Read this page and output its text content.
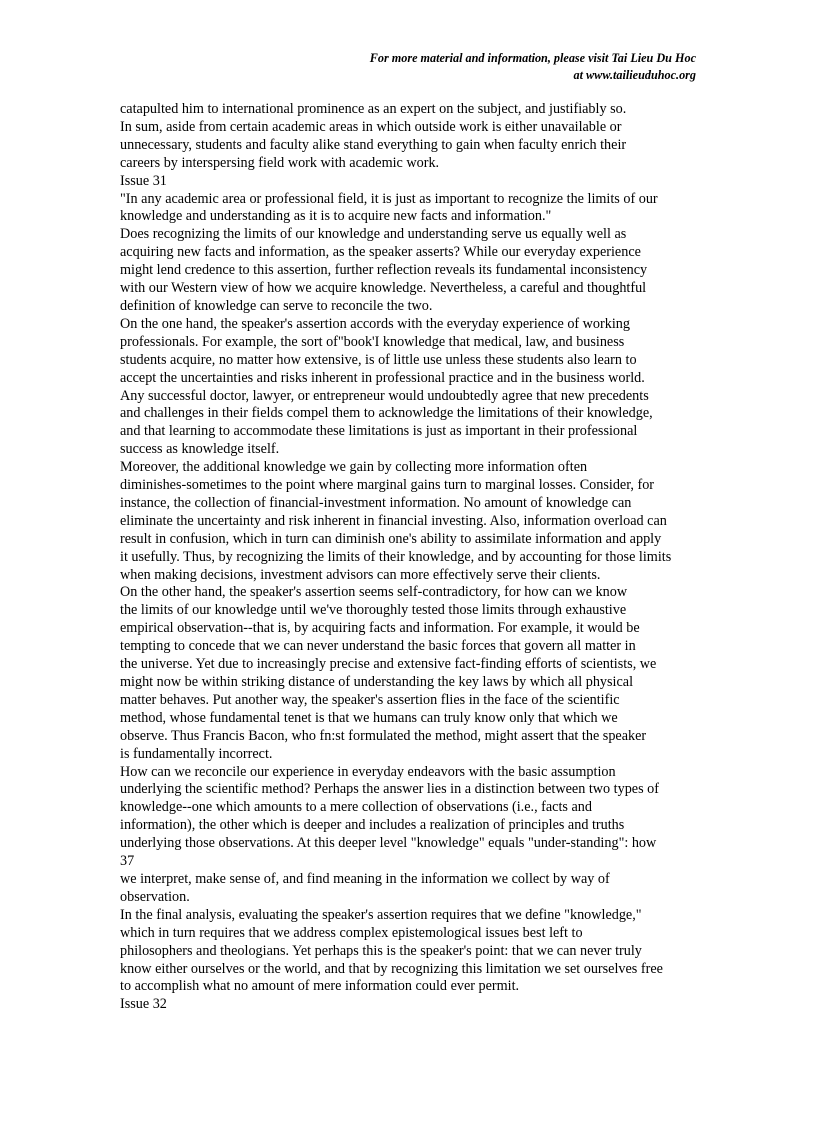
For more material and information, please visit Tai Lieu Du Hoc
at www.tailieuduhoc.org
catapulted him to international prominence as an expert on the subject, and justifiably so.
In sum, aside from certain academic areas in which outside work is either unavailable or
unnecessary, students and faculty alike stand everything to gain when faculty enrich their
careers by interspersing field work with academic work.
Issue 31
"In any academic area or professional field, it is just as important to recognize the limits of our
knowledge and understanding as it is to acquire new facts and information."
Does recognizing the limits of our knowledge and understanding serve us equally well as
acquiring new facts and information, as the speaker asserts? While our everyday experience
might lend credence to this assertion, further reflection reveals its fundamental inconsistency
with our Western view of how we acquire knowledge. Nevertheless, a careful and thoughtful
definition of knowledge can serve to reconcile the two.
On the one hand, the speaker's assertion accords with the everyday experience of working
professionals. For example, the sort of"book'I knowledge that medical, law, and business
students acquire, no matter how extensive, is of little use unless these students also learn to
accept the uncertainties and risks inherent in professional practice and in the business world.
Any successful doctor, lawyer, or entrepreneur would undoubtedly agree that new precedents
and challenges in their fields compel them to acknowledge the limitations of their knowledge,
and that learning to accommodate these limitations is just as important in their professional
success as knowledge itself.
Moreover, the additional knowledge we gain by collecting more information often
diminishes-sometimes to the point where marginal gains turn to marginal losses. Consider, for
instance, the collection of financial-investment information. No amount of knowledge can
eliminate the uncertainty and risk inherent in financial investing. Also, information overload can
result in confusion, which in turn can diminish one's ability to assimilate information and apply
it usefully. Thus, by recognizing the limits of their knowledge, and by accounting for those limits
when making decisions, investment advisors can more effectively serve their clients.
On the other hand, the speaker's assertion seems self-contradictory, for how can we know
the limits of our knowledge until we've thoroughly tested those limits through exhaustive
empirical observation--that is, by acquiring facts and information. For example, it would be
tempting to concede that we can never understand the basic forces that govern all matter in
the universe. Yet due to increasingly precise and extensive fact-finding efforts of scientists, we
might now be within striking distance of understanding the key laws by which all physical
matter behaves. Put another way, the speaker's assertion flies in the face of the scientific
method, whose fundamental tenet is that we humans can truly know only that which we
observe. Thus Francis Bacon, who fn:st formulated the method, might assert that the speaker
is fundamentally incorrect.
How can we reconcile our experience in everyday endeavors with the basic assumption
underlying the scientific method? Perhaps the answer lies in a distinction between two types of
knowledge--one which amounts to a mere collection of observations (i.e., facts and
information), the other which is deeper and includes a realization of principles and truths
underlying those observations. At this deeper level "knowledge" equals "under-standing": how
37
we interpret, make sense of, and find meaning in the information we collect by way of
observation.
In the final analysis, evaluating the speaker's assertion requires that we define "knowledge,"
which in turn requires that we address complex epistemological issues best left to
philosophers and theologians. Yet perhaps this is the speaker's point: that we can never truly
know either ourselves or the world, and that by recognizing this limitation we set ourselves free
to accomplish what no amount of mere information could ever permit.
Issue 32
